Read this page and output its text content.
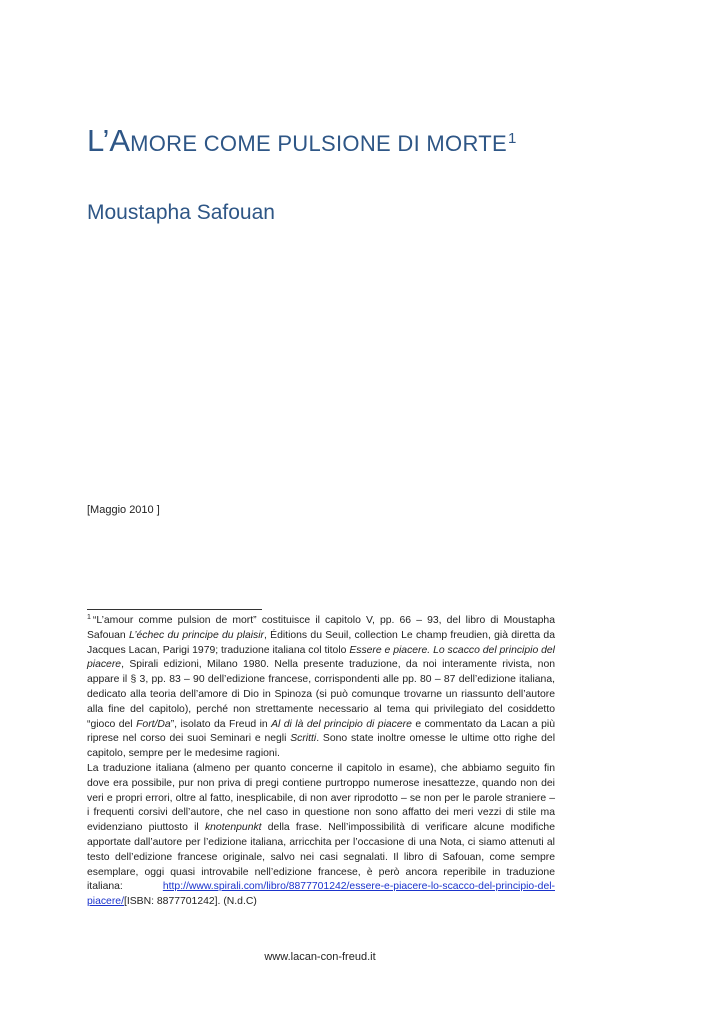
L’AMORE COME PULSIONE DI MORTE$^1$
Moustapha Safouan
[Maggio 2010 ]

$^1$ “L’amour comme pulsion de mort” costituisce il capitolo V, pp. 66 – 93, del libro di Moustapha Safouan L’échec du principe du plaisir, Éditions du Seuil, collection Le champ freudien, già diretta da Jacques Lacan, Parigi 1979; traduzione italiana col titolo Essere e piacere. Lo scacco del principio del piacere, Spirali edizioni, Milano 1980. Nella presente traduzione, da noi interamente rivista, non appare il § 3, pp. 83 – 90 dell’edizione francese, corrispondenti alle pp. 80 – 87 dell’edizione italiana, dedicato alla teoria dell’amore di Dio in Spinoza (si può comunque trovarne un riassunto dell’autore alla fine del capitolo), perché non strettamente necessario al tema qui privilegiato del cosiddetto “gioco del Fort/Da”, isolato da Freud in Al di là del principio di piacere e commentato da Lacan a più riprese nel corso dei suoi Seminari e negli Scritti. Sono state inoltre omesse le ultime otto righe del capitolo, sempre per le medesime ragioni.

La traduzione italiana (almeno per quanto concerne il capitolo in esame), che abbiamo seguito fin dove era possibile, pur non priva di pregi contiene purtroppo numerose inesattezze, quando non dei veri e propri errori, oltre al fatto, inesplicabile, di non aver riprodotto – se non per le parole straniere – i frequenti corsivi dell’autore, che nel caso in questione non sono affatto dei meri vezzi di stile ma evidenziano piuttosto il knotenpunkt della frase. Nell’impossibilità di verificare alcune modifiche apportate dall’autore per l’edizione italiana, arricchita per l’occasione di una Nota, ci siamo attenuti al testo dell’edizione francese originale, salvo nei casi segnalati. Il libro di Safouan, come sempre esemplare, oggi quasi introvabile nell’edizione francese, è però ancora reperibile in traduzione italiana: http://www.spirali.com/libro/8877701242/essere-e-piacere-lo-scacco-del-principio-del-piacere/[ISBN: 8877701242]. (N.d.C)

www.lacan-con-freud.it
